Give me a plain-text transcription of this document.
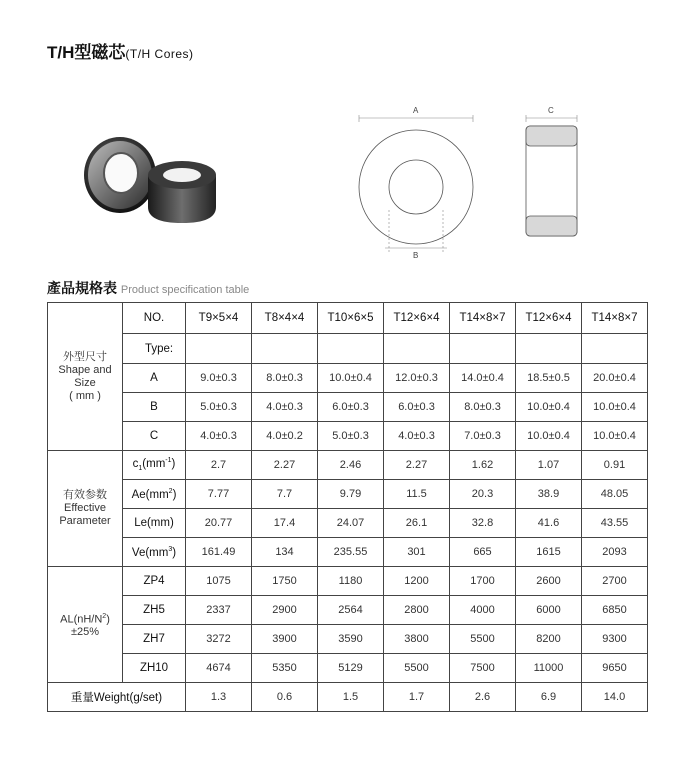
T/H型磁芯(T/H Cores)
A
B
C
產品規格表 Product specification table
外型尺寸
Shape and
Size
( mm )	NO.	T9×5×4	T8×4×4	T10×6×5	T12×6×4	T14×8×7	T12×6×4	T14×8×7
	Type:							
	A	9.0±0.3	8.0±0.3	10.0±0.4	12.0±0.3	14.0±0.4	18.5±0.5	20.0±0.4
	B	5.0±0.3	4.0±0.3	6.0±0.3	6.0±0.3	8.0±0.3	10.0±0.4	10.0±0.4
	C	4.0±0.3	4.0±0.2	5.0±0.3	4.0±0.3	7.0±0.3	10.0±0.4	10.0±0.4

有效参数
Effective
Parameter	$c_1(mm^{-1})$	2.7	2.27	2.46	2.27	1.62	1.07	0.91
	$Ae(mm^2)$	7.77	7.7	9.79	11.5	20.3	38.9	48.05
	Le(mm)	20.77	17.4	24.07	26.1	32.8	41.6	43.55
	$Ve(mm^3)$	161.49	134	235.55	301	665	1615	2093

$AL(nH/N^2)$
±25%	ZP4	1075	1750	1180	1200	1700	2600	2700
	ZH5	2337	2900	2564	2800	4000	6000	6850
	ZH7	3272	3900	3590	3800	5500	8200	9300
	ZH10	4674	5350	5129	5500	7500	11000	9650
重量Weight(g/set)		1.3	0.6	1.5	1.7	2.6	6.9	14.0
